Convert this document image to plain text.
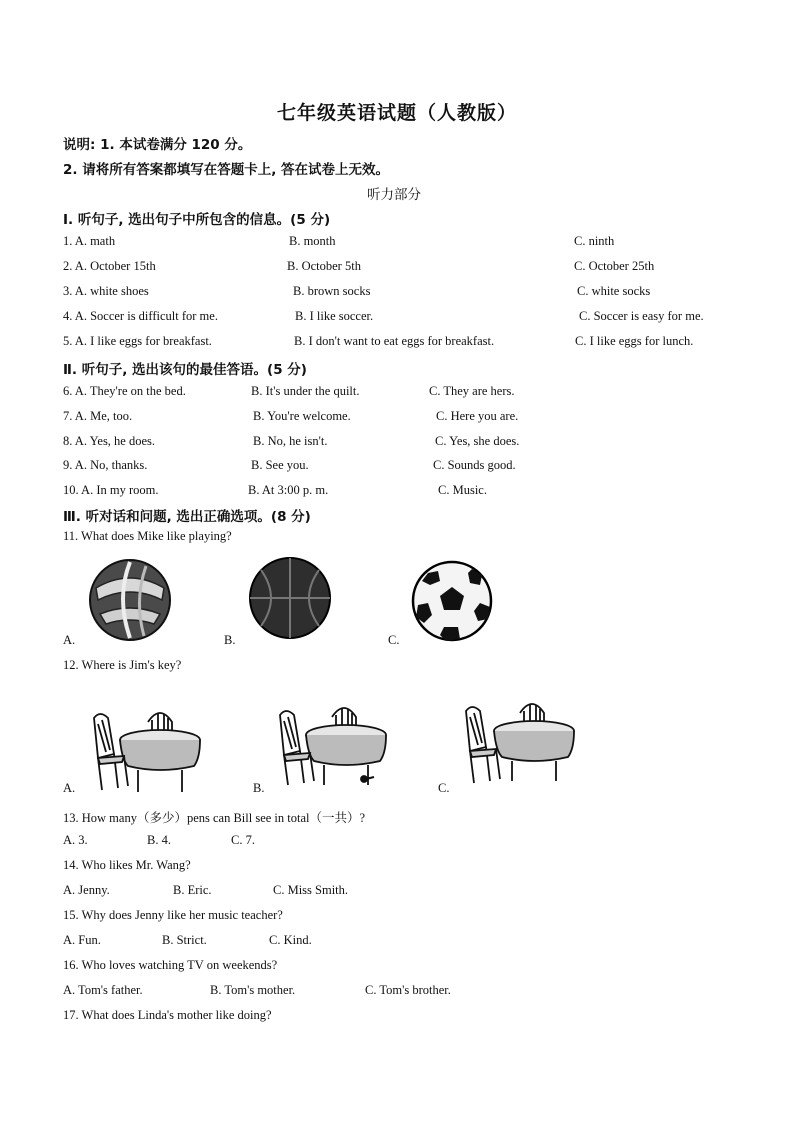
七年级英语试题（人教版）
说明: 1. 本试卷满分 120 分。
2. 请将所有答案都填写在答题卡上, 答在试卷上无效。
听力部分
I. 听句子, 选出句子中所包含的信息。(5 分)
1. A. math	B. month	C. ninth
2. A. October 15th	B. October 5th	C. October 25th
3. A. white shoes	B. brown socks	C. white socks
4. A. Soccer is difficult for me.	B. I like soccer.	C. Soccer is easy for me.
5. A. I like eggs for breakfast.	B. I don't want to eat eggs for breakfast.	C. I like eggs for lunch.
Ⅱ. 听句子, 选出该句的最佳答语。(5 分)
6. A. They're on the bed.	B. It's under the quilt.	C. They are hers.
7. A. Me, too.	B. You're welcome.	C. Here you are.
8. A. Yes, he does.	B. No, he isn't.	C. Yes, she does.
9. A. No, thanks.	B. See you.	C. Sounds good.
10. A. In my room.	B. At 3:00 p. m.	C. Music.
Ⅲ. 听对话和问题, 选出正确选项。(8 分)
11. What does Mike like playing?
A.	B.	C.
12. Where is Jim's key?
A.	B.	C.
13. How many（多少）pens can Bill see in total（一共）?
A. 3.	B. 4.	C. 7.
14. Who likes Mr. Wang?
A. Jenny.	B. Eric.	C. Miss Smith.
15. Why does Jenny like her music teacher?
A. Fun.	B. Strict.	C. Kind.
16. Who loves watching TV on weekends?
A. Tom's father.	B. Tom's mother.	C. Tom's brother.
17. What does Linda's mother like doing?
